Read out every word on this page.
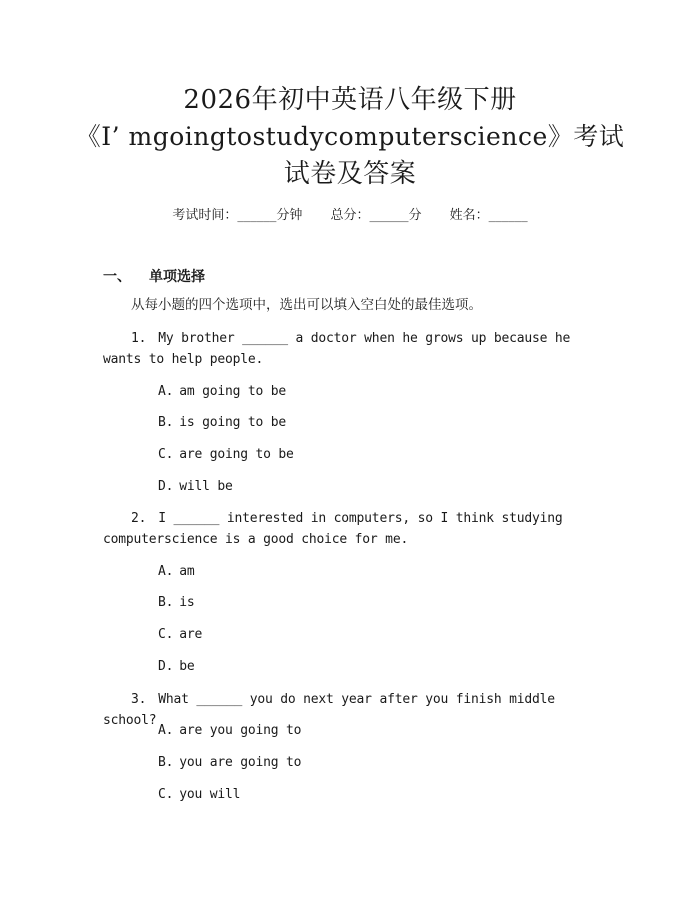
2026年初中英语八年级下册
《I’ mgoingtostudycomputerscience》考试
试卷及答案
考试时间：______分钟 总分：______分 姓名：______
一、 单项选择
从每小题的四个选项中，选出可以填入空白处的最佳选项。
1. My brother ______ a doctor when he grows up because he wants to help people.
A. am going to be
B. is going to be
C. are going to be
D. will be
2. I ______ interested in computers, so I think studying computerscience is a good choice for me.
A. am
B. is
C. are
D. be
3. What ______ you do next year after you finish middle school?
A. are you going to
B. you are going to
C. you will
